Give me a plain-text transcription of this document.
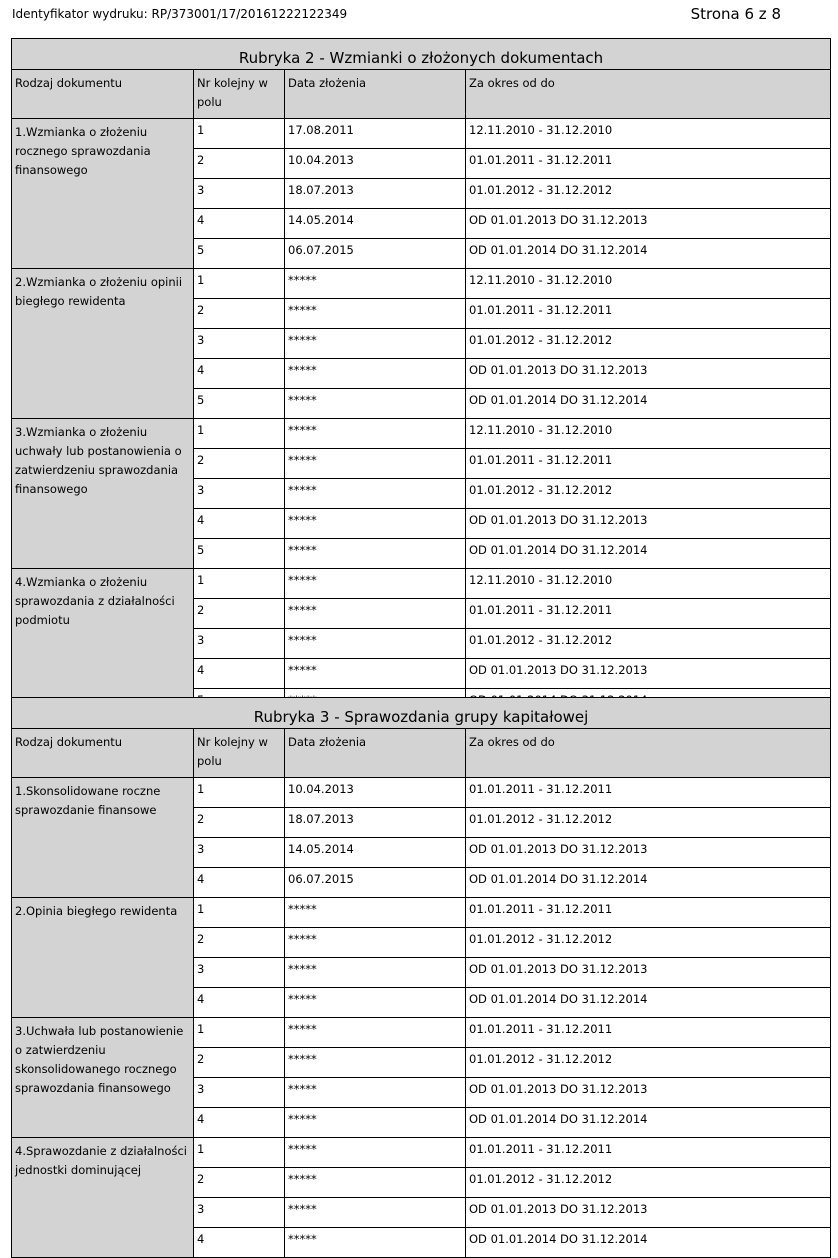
Identyfikator wydruku: RP/373001/17/20161222122349	Strona 6 z 8
Rubryka 2 - Wzmianki o złożonych dokumentach			
Rodzaj dokumentu	Nr kolejny w polu	Data złożenia	Za okres od do
1.Wzmianka o złożeniu rocznego sprawozdania finansowego	1	17.08.2011	12.11.2010 - 31.12.2010
	2	10.04.2013	01.01.2011 - 31.12.2011
	3	18.07.2013	01.01.2012 - 31.12.2012
	4	14.05.2014	OD 01.01.2013 DO 31.12.2013
	5	06.07.2015	OD 01.01.2014 DO 31.12.2014
2.Wzmianka o złożeniu opinii biegłego rewidenta	1	*****	12.11.2010 - 31.12.2010
	2	*****	01.01.2011 - 31.12.2011
	3	*****	01.01.2012 - 31.12.2012
	4	*****	OD 01.01.2013 DO 31.12.2013
	5	*****	OD 01.01.2014 DO 31.12.2014
3.Wzmianka o złożeniu uchwały lub postanowienia o zatwierdzeniu sprawozdania finansowego	1	*****	12.11.2010 - 31.12.2010
	2	*****	01.01.2011 - 31.12.2011
	3	*****	01.01.2012 - 31.12.2012
	4	*****	OD 01.01.2013 DO 31.12.2013
	5	*****	OD 01.01.2014 DO 31.12.2014
4.Wzmianka o złożeniu sprawozdania z działalności podmiotu	1	*****	12.11.2010 - 31.12.2010
	2	*****	01.01.2011 - 31.12.2011
	3	*****	01.01.2012 - 31.12.2012
	4	*****	OD 01.01.2013 DO 31.12.2013

Rubryka 3 - Sprawozdania grupy kapitałowej			
Rodzaj dokumentu	Nr kolejny w polu	Data złożenia	Za okres od do
1.Skonsolidowane roczne sprawozdanie finansowe	1	10.04.2013	01.01.2011 - 31.12.2011
	2	18.07.2013	01.01.2012 - 31.12.2012
	3	14.05.2014	OD 01.01.2013 DO 31.12.2013
	4	06.07.2015	OD 01.01.2014 DO 31.12.2014
2.Opinia biegłego rewidenta	1	*****	01.01.2011 - 31.12.2011
	2	*****	01.01.2012 - 31.12.2012
	3	*****	OD 01.01.2013 DO 31.12.2013
	4	*****	OD 01.01.2014 DO 31.12.2014
3.Uchwała lub postanowienie o zatwierdzeniu skonsolidowanego rocznego sprawozdania finansowego	1	*****	01.01.2011 - 31.12.2011
	2	*****	01.01.2012 - 31.12.2012
	3	*****	OD 01.01.2013 DO 31.12.2013
	4	*****	OD 01.01.2014 DO 31.12.2014
4.Sprawozdanie z działalności jednostki dominującej	1	*****	01.01.2011 - 31.12.2011
	2	*****	01.01.2012 - 31.12.2012
	3	*****	OD 01.01.2013 DO 31.12.2013
	4	*****	OD 01.01.2014 DO 31.12.2014
